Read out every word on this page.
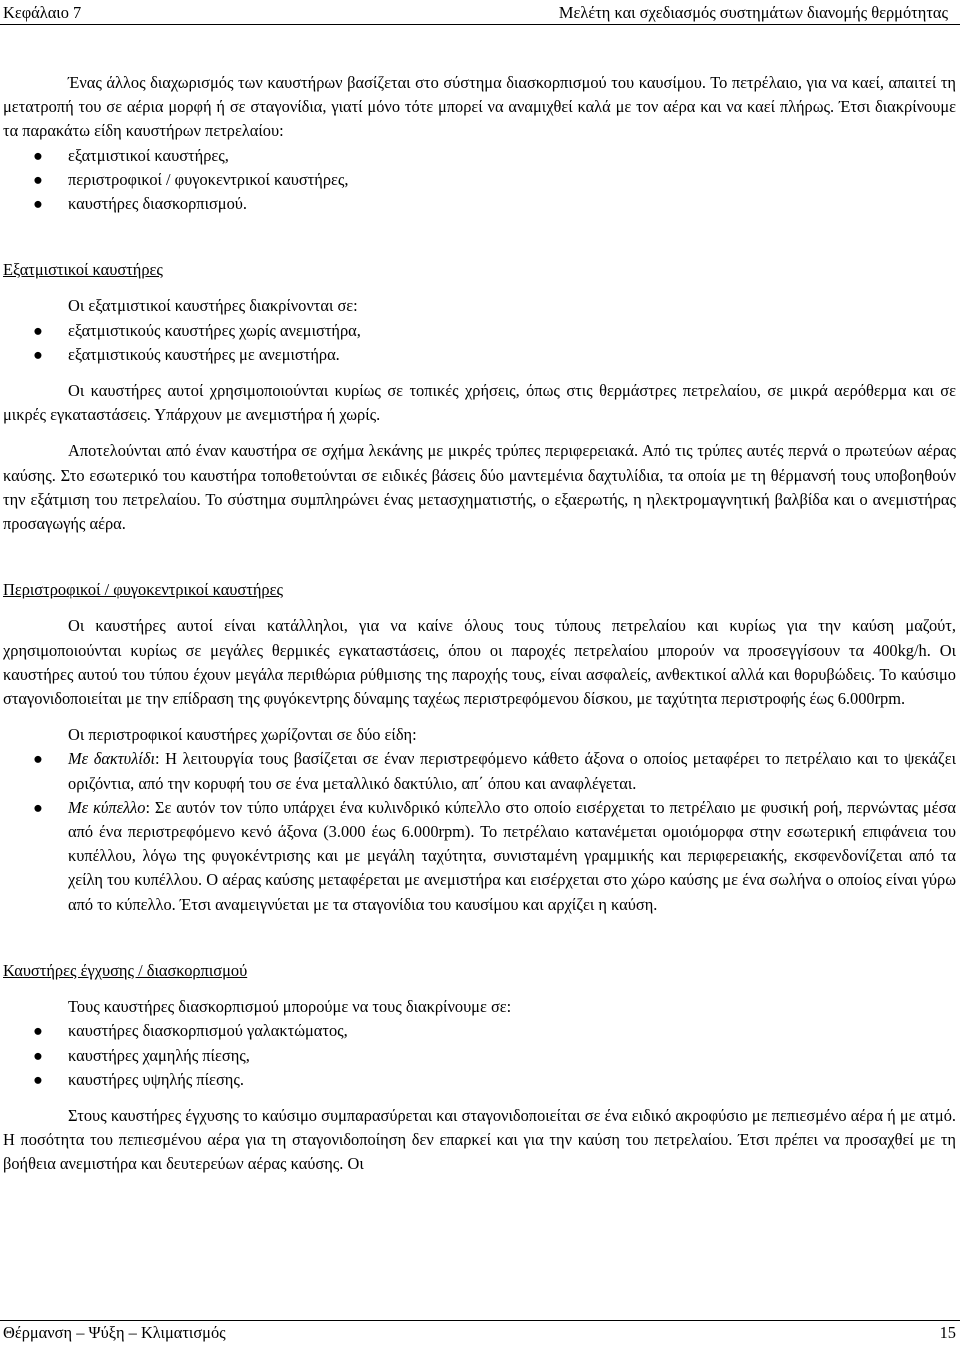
Κεφάλαιο 7	Μελέτη και σχεδιασμός συστημάτων διανομής θερμότητας

Ένας άλλος διαχωρισμός των καυστήρων βασίζεται στο σύστημα διασκορπισμού του καυσίμου. Το πετρέλαιο, για να καεί, απαιτεί τη μετατροπή του σε αέρια μορφή ή σε σταγονίδια, γιατί μόνο τότε μπορεί να αναμιχθεί καλά με τον αέρα και να καεί πλήρως. Έτσι διακρίνουμε τα παρακάτω είδη καυστήρων πετρελαίου:

● εξατμιστικοί καυστήρες,
● περιστροφικοί / φυγοκεντρικοί καυστήρες,
● καυστήρες διασκορπισμού.
Εξατμιστικοί καυστήρες
Οι εξατμιστικοί καυστήρες διακρίνονται σε:
● εξατμιστικούς καυστήρες χωρίς ανεμιστήρα,
● εξατμιστικούς καυστήρες με ανεμιστήρα.

Οι καυστήρες αυτοί χρησιμοποιούνται κυρίως σε τοπικές χρήσεις, όπως στις θερμάστρες πετρελαίου, σε μικρά αερόθερμα και σε μικρές εγκαταστάσεις. Υπάρχουν με ανεμιστήρα ή χωρίς.

Αποτελούνται από έναν καυστήρα σε σχήμα λεκάνης με μικρές τρύπες περιφερειακά. Από τις τρύπες αυτές περνά ο πρωτεύων αέρας καύσης. Στο εσωτερικό του καυστήρα τοποθετούνται σε ειδικές βάσεις δύο μαντεμένια δαχτυλίδια, τα οποία με τη θέρμανσή τους υποβοηθούν την εξάτμιση του πετρελαίου. Το σύστημα συμπληρώνει ένας μετασχηματιστής, ο εξαερωτής, η ηλεκτρομαγνητική βαλβίδα και ο ανεμιστήρας προσαγωγής αέρα.

Περιστροφικοί / φυγοκεντρικοί καυστήρες

Οι καυστήρες αυτοί είναι κατάλληλοι, για να καίνε όλους τους τύπους πετρελαίου και κυρίως για την καύση μαζούτ, χρησιμοποιούνται κυρίως σε μεγάλες θερμικές εγκαταστάσεις, όπου οι παροχές πετρελαίου μπορούν να προσεγγίσουν τα 400kg/h. Οι καυστήρες αυτού του τύπου έχουν μεγάλα περιθώρια ρύθμισης της παροχής τους, είναι ασφαλείς, ανθεκτικοί αλλά και θορυβώδεις. Το καύσιμο σταγονιδοποιείται με την επίδραση της φυγόκεντρης δύναμης ταχέως περιστρεφόμενου δίσκου, με ταχύτητα περιστροφής έως 6.000rpm.

Οι περιστροφικοί καυστήρες χωρίζονται σε δύο είδη:
● Με δακτυλίδι: Η λειτουργία τους βασίζεται σε έναν περιστρεφόμενο κάθετο άξονα ο οποίος μεταφέρει το πετρέλαιο και το ψεκάζει οριζόντια, από την κορυφή του σε ένα μεταλλικό δακτύλιο, απ΄ όπου και αναφλέγεται.
● Με κύπελλο: Σε αυτόν τον τύπο υπάρχει ένα κυλινδρικό κύπελλο στο οποίο εισέρχεται το πετρέλαιο με φυσική ροή, περνώντας μέσα από ένα περιστρεφόμενο κενό άξονα (3.000 έως 6.000rpm). Το πετρέλαιο κατανέμεται ομοιόμορφα στην εσωτερική επιφάνεια του κυπέλλου, λόγω της φυγοκέντρισης και με μεγάλη ταχύτητα, συνισταμένη γραμμικής και περιφερειακής, εκσφενδονίζεται από τα χείλη του κυπέλλου. Ο αέρας καύσης μεταφέρεται με ανεμιστήρα και εισέρχεται στο χώρο καύσης με ένα σωλήνα ο οποίος είναι γύρω από το κύπελλο. Έτσι αναμειγνύεται με τα σταγονίδια του καυσίμου και αρχίζει η καύση.
Καυστήρες έγχυσης / διασκορπισμού
Τους καυστήρες διασκορπισμού μπορούμε να τους διακρίνουμε σε:
● καυστήρες διασκορπισμού γαλακτώματος,
● καυστήρες χαμηλής πίεσης,
● καυστήρες υψηλής πίεσης.

Στους καυστήρες έγχυσης το καύσιμο συμπαρασύρεται και σταγονιδοποιείται σε ένα ειδικό ακροφύσιο με πεπιεσμένο αέρα ή με ατμό. Η ποσότητα του πεπιεσμένου αέρα για τη σταγονιδοποίηση δεν επαρκεί και για την καύση του πετρελαίου. Έτσι πρέπει να προσαχθεί με τη βοήθεια ανεμιστήρα και δευτερεύων αέρας καύσης. Οι

Θέρμανση – Ψύξη – Κλιματισμός	15
